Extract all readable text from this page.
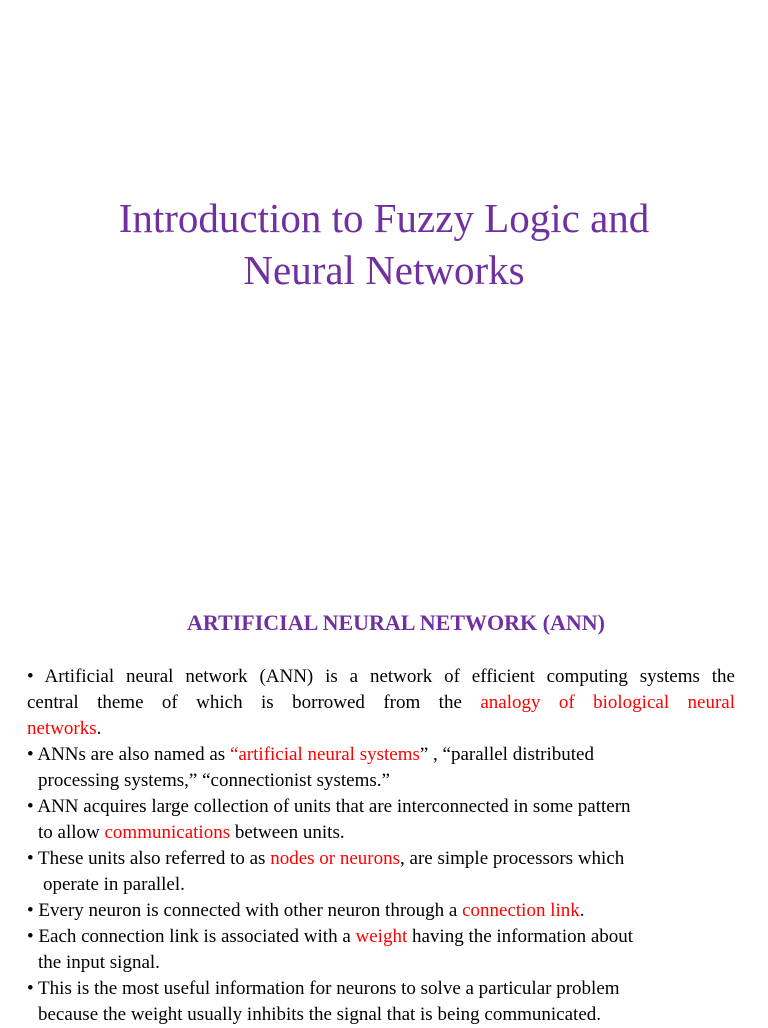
Introduction to Fuzzy Logic and
Neural Networks
ARTIFICIAL NEURAL NETWORK (ANN)

• Artificial neural network (ANN) is a network of efficient computing systems the
central theme of which is borrowed from the analogy of biological neural
networks.

• ANNs are also named as “artificial neural systems” , “parallel distributed
processing systems,” “connectionist systems.”

• ANN acquires large collection of units that are interconnected in some pattern
to allow communications between units.

• These units also referred to as nodes or neurons, are simple processors which
operate in parallel.

• Every neuron is connected with other neuron through a connection link.

• Each connection link is associated with a weight having the information about
the input signal.

• This is the most useful information for neurons to solve a particular problem
because the weight usually inhibits the signal that is being communicated.
